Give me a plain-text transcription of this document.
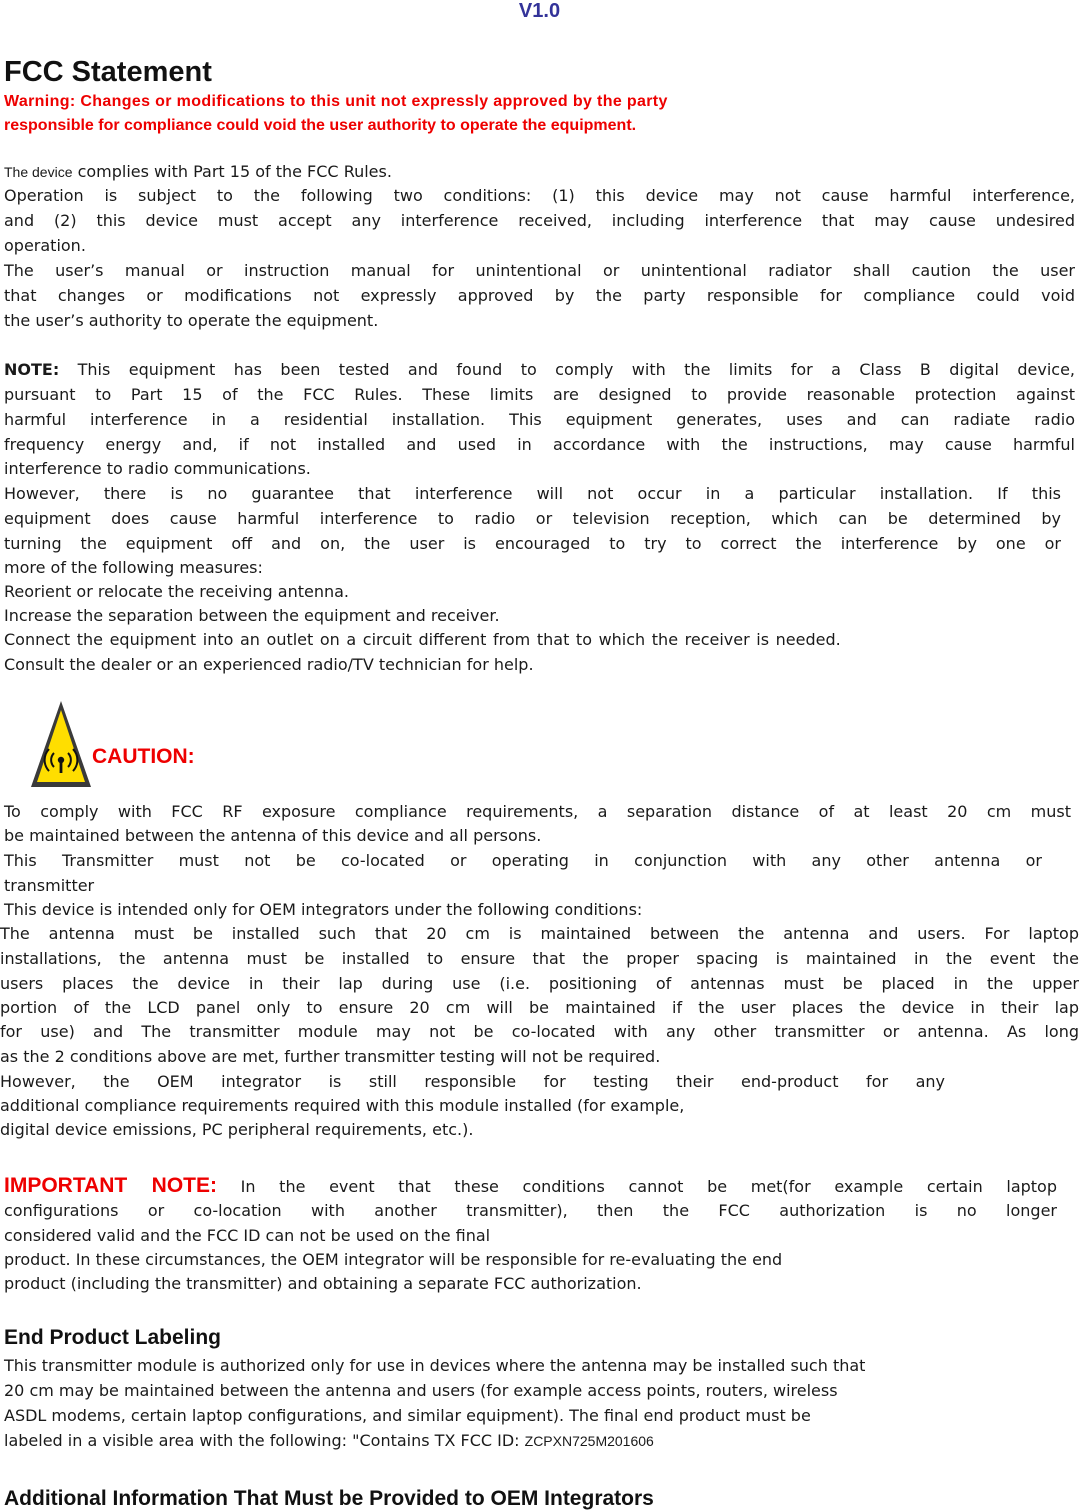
V1.0
FCC Statement
Warning: Changes or modifications to this unit not expressly approved by the party
responsible for compliance could void the user authority to operate the equipment.
The device complies with Part 15 of the FCC Rules.
Operation is subject to the following two conditions: (1) this device may not cause harmful interference,
and (2) this device must accept any interference received, including interference that may cause undesired
operation.
The user’s manual or instruction manual for unintentional or unintentional radiator shall caution the user
that changes or modifications not expressly approved by the party responsible for compliance could void
the user’s authority to operate the equipment.
NOTE: This equipment has been tested and found to comply with the limits for a Class B digital device,
pursuant to Part 15 of the FCC Rules. These limits are designed to provide reasonable protection against
harmful interference in a residential installation. This equipment generates, uses and can radiate radio
frequency energy and, if not installed and used in accordance with the instructions, may cause harmful
interference to radio communications.
However, there is no guarantee that interference will not occur in a particular installation. If this
equipment does cause harmful interference to radio or television reception, which can be determined by
turning the equipment off and on, the user is encouraged to try to correct the interference by one or
more of the following measures:
Reorient or relocate the receiving antenna.
Increase the separation between the equipment and receiver.
Connect the equipment into an outlet on a circuit different from that to which the receiver is needed.
Consult the dealer or an experienced radio/TV technician for help.
CAUTION:
To comply with FCC RF exposure compliance requirements, a separation distance of at least 20 cm must
be maintained between the antenna of this device and all persons.
This Transmitter must not be co-located or operating in conjunction with any other antenna or
transmitter
This device is intended only for OEM integrators under the following conditions:
The antenna must be installed such that 20 cm is maintained between the antenna and users. For laptop
installations, the antenna must be installed to ensure that the proper spacing is maintained in the event the
users places the device in their lap during use (i.e. positioning of antennas must be placed in the upper
portion of the LCD panel only to ensure 20 cm will be maintained if the user places the device in their lap
for use) and The transmitter module may not be co-located with any other transmitter or antenna. As long
as the 2 conditions above are met, further transmitter testing will not be required.
However, the OEM integrator is still responsible for testing their end-product for any
additional compliance requirements required with this module installed (for example,
digital device emissions, PC peripheral requirements, etc.).
IMPORTANT NOTE: In the event that these conditions cannot be met(for example certain laptop
configurations or co-location with another transmitter), then the FCC authorization is no longer
considered valid and the FCC ID can not be used on the final
product. In these circumstances, the OEM integrator will be responsible for re-evaluating the end
product (including the transmitter) and obtaining a separate FCC authorization.
End Product Labeling
This transmitter module is authorized only for use in devices where the antenna may be installed such that
20 cm may be maintained between the antenna and users (for example access points, routers, wireless
ASDL modems, certain laptop configurations, and similar equipment). The final end product must be
labeled in a visible area with the following: "Contains TX FCC ID: ZCPXN725M201606
Additional Information That Must be Provided to OEM Integrators
